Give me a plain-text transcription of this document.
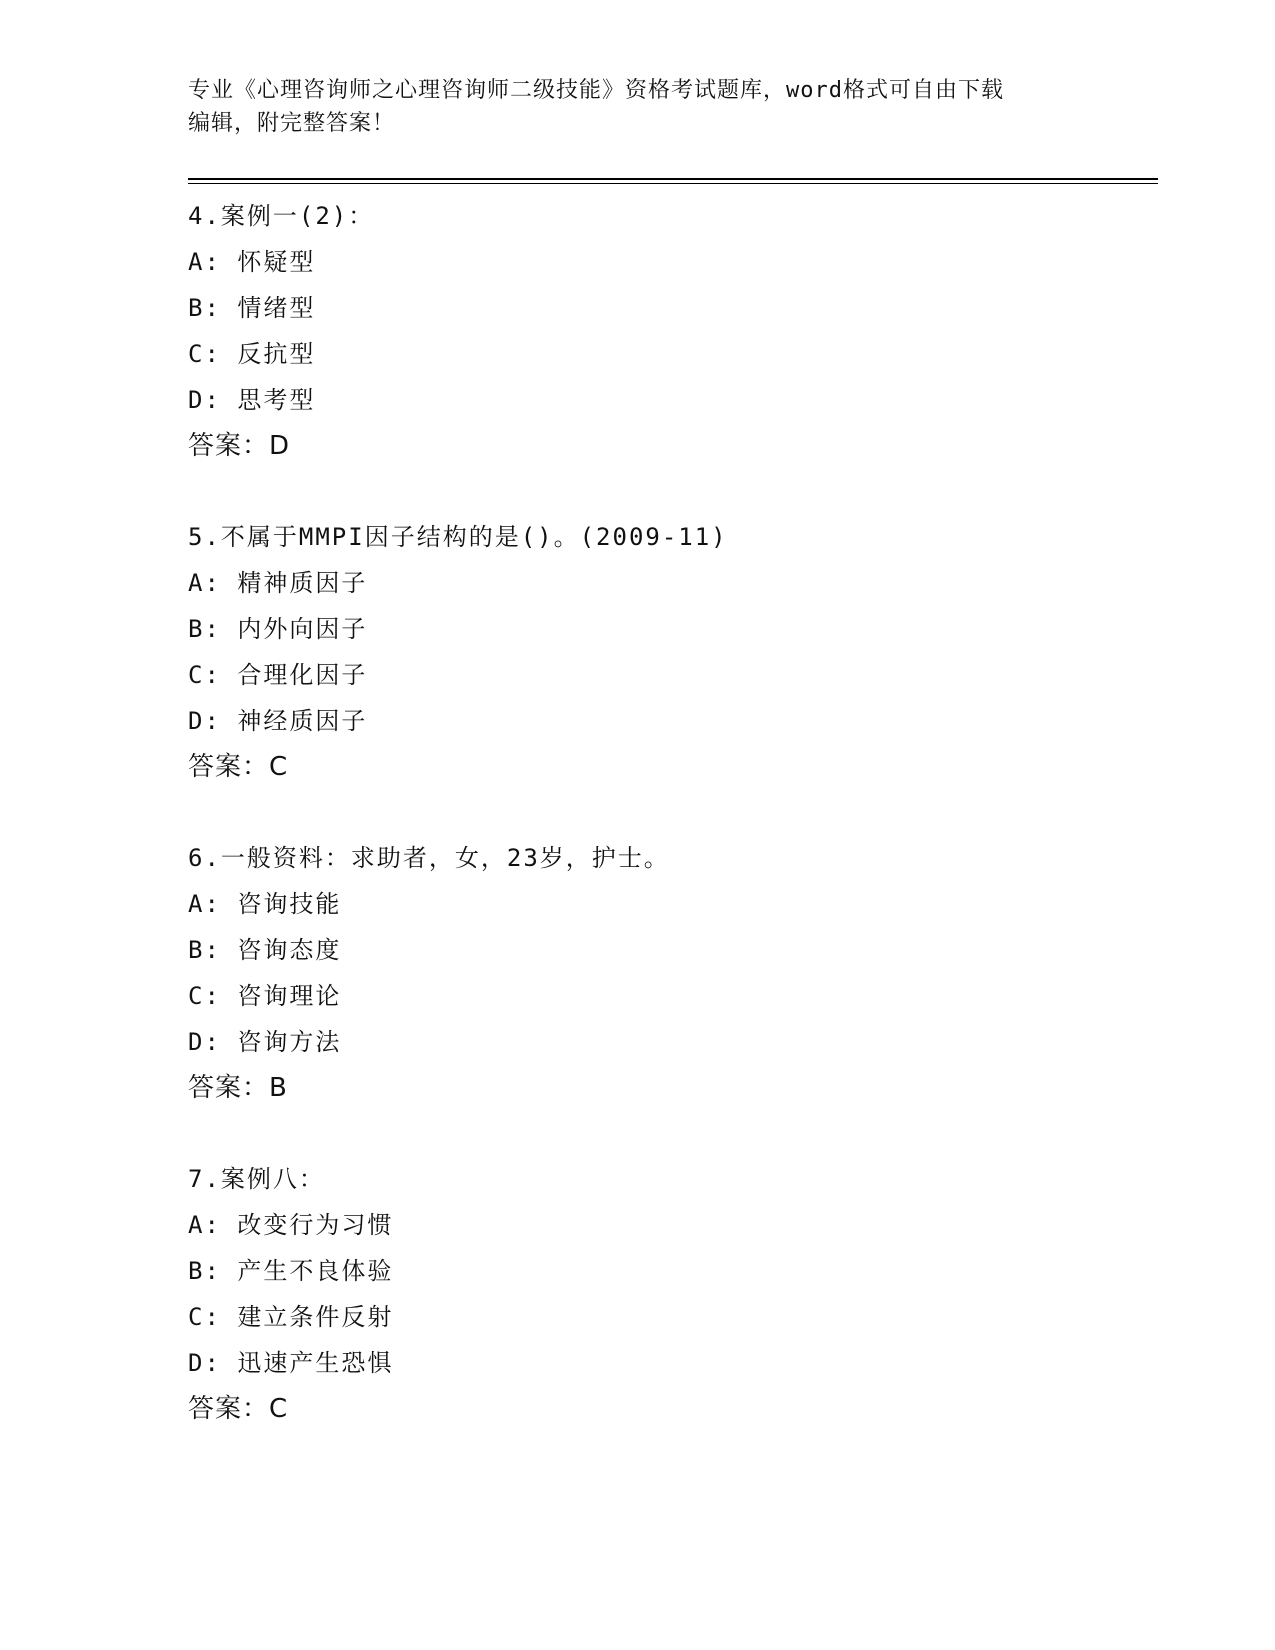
专业《心理咨询师之心理咨询师二级技能》资格考试题库，word格式可自由下载
编辑，附完整答案！
4.案例一(2)：
A: 怀疑型
B: 情绪型
C: 反抗型
D: 思考型
答案：D
5.不属于MMPI因子结构的是()。(2009-11)
A: 精神质因子
B: 内外向因子
C: 合理化因子
D: 神经质因子
答案：C
6.一般资料：求助者，女，23岁，护士。
A: 咨询技能
B: 咨询态度
C: 咨询理论
D: 咨询方法
答案：B
7.案例八：
A: 改变行为习惯
B: 产生不良体验
C: 建立条件反射
D: 迅速产生恐惧
答案：C
